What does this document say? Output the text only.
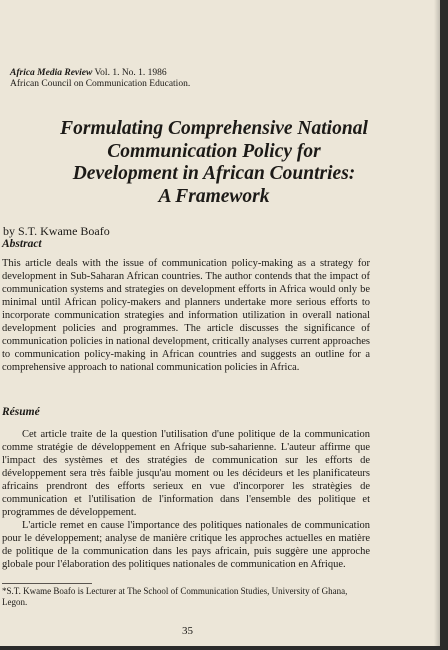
Africa Media Review Vol. 1. No. 1. 1986
African Council on Communication Education.
Formulating Comprehensive National
Communication Policy for
Development in African Countries:
A Framework
by S.T. Kwame Boafo
Abstract
This article deals with the issue of communication policy-making as a strategy for development in Sub-Saharan African countries. The author contends that the impact of communication systems and strategies on development efforts in Africa would only be minimal until African policy-makers and planners undertake more serious efforts to incorporate communication strategies and information utilization in overall national development policies and programmes. The article discusses the significance of communication policies in national development, critically analyses current approaches to communication policy-making in African countries and suggests an outline for a comprehensive approach to national communication policies in Africa.
Résumé

Cet article traite de la question l'utilisation d'une politique de la communication comme stratégie de développement en Afrique sub-saharienne. L'auteur affirme que l'impact des systèmes et des stratégies de communication sur les efforts de développement sera très faible jusqu'au moment ou les décideurs et les planificateurs africains prendront des efforts serieux en vue d'incorporer les stratègies de communication et l'utilisation de l'information dans l'ensemble des politique et programmes de développement.

L'article remet en cause l'importance des politiques nationales de communication pour le développement; analyse de manière critique les approches actuelles en matière de politique de la communication dans les pays africain, puis suggère une approche globale pour l'élaboration des politiques nationales de communication en Afrique.

*S.T. Kwame Boafo is Lecturer at The School of Communication Studies, University of Ghana, Legon.
35
